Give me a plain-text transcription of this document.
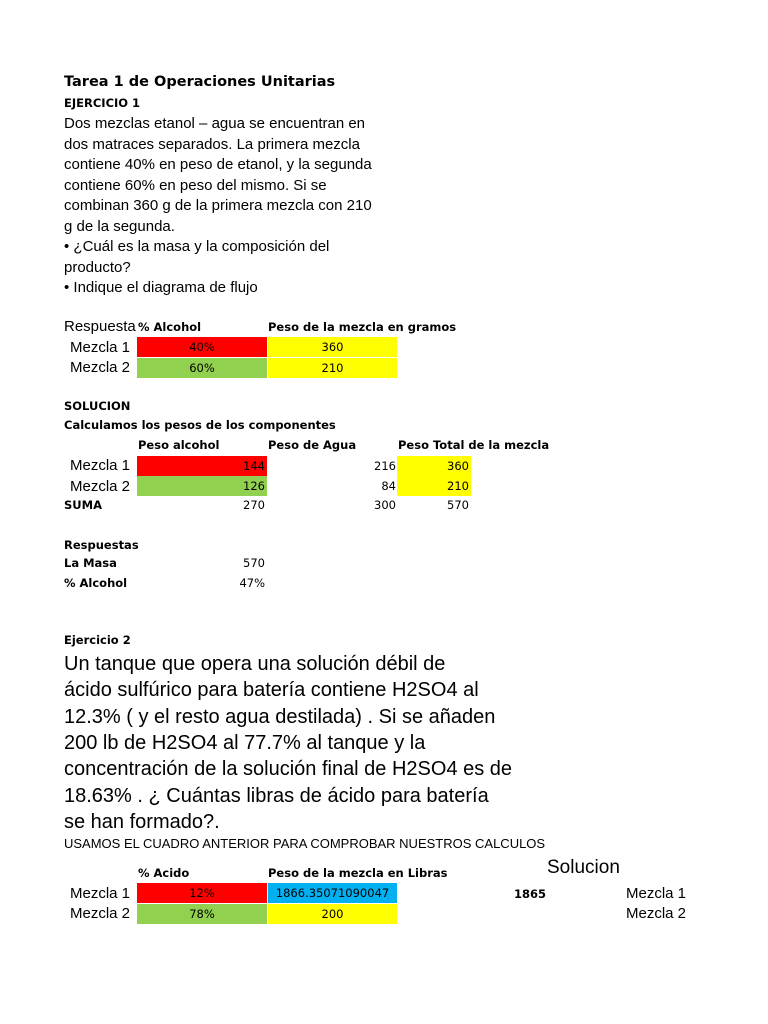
Tarea 1 de Operaciones Unitarias
EJERCICIO 1
Dos mezclas etanol – agua se encuentran en
dos matraces separados. La primera mezcla
contiene 40% en peso de etanol, y la segunda
contiene 60% en peso del mismo. Si se
combinan 360 g de la primera mezcla con 210
g de la segunda.
• ¿Cuál es la masa y la composición del
producto?
• Indique el diagrama de flujo
Respuesta % Alcohol	Peso de la mezcla en gramos
Mezcla 1	40%	360
Mezcla 2	60%	210
SOLUCION
Calculamos los pesos de los componentes
Peso alcohol	Peso de Agua	Peso Total de la mezcla
Mezcla 1	144	216	360
Mezcla 2	126	84	210
SUMA	270	300	570
Respuestas
La Masa	570
% Alcohol	47%
Ejercicio 2
Un tanque que opera una solución débil de
ácido sulfúrico para batería contiene H2SO4 al
12.3% ( y el resto agua destilada) . Si se añaden
200 lb de H2SO4 al 77.7% al tanque y la
concentración de la solución final de H2SO4 es de
18.63% . ¿ Cuántas libras de ácido para batería
se han formado?.
USAMOS EL CUADRO ANTERIOR PARA COMPROBAR NUESTROS CALCULOS
Solucion
% Acido	Peso de la mezcla en Libras
Mezcla 1	12%	1866.35071090047	1865	Mezcla 1
Mezcla 2	78%	200	Mezcla 2
